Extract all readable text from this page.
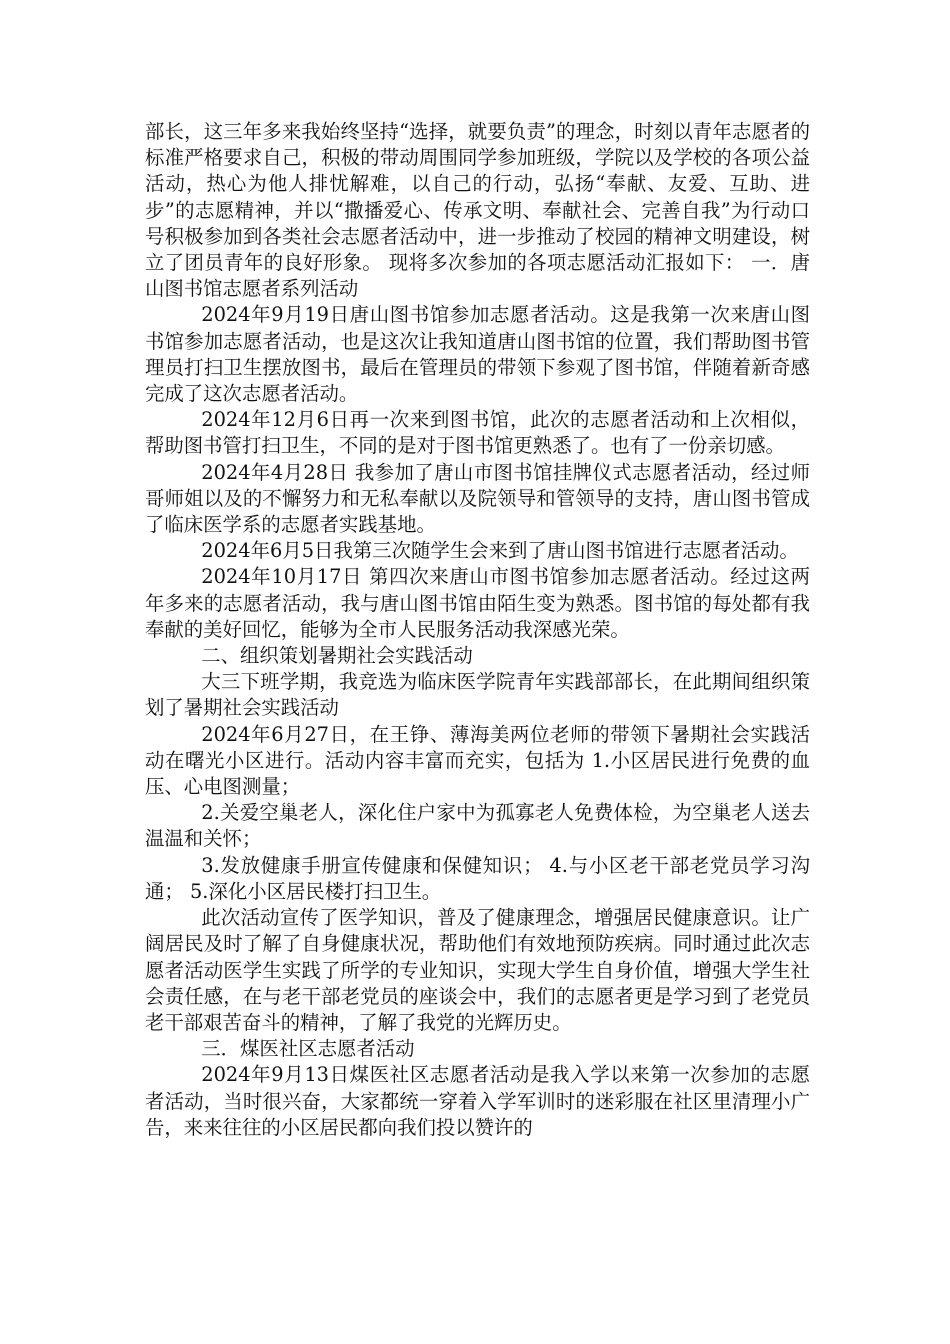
部长，这三年多来我始终坚持“选择，就要负责”的理念，时刻以青年志愿者的标准严格要求自己，积极的带动周围同学参加班级，学院以及学校的各项公益活动，热心为他人排忧解难，以自己的行动，弘扬“奉献、友爱、互助、进步”的志愿精神，并以“撒播爱心、传承文明、奉献社会、完善自我”为行动口号积极参加到各类社会志愿者活动中，进一步推动了校园的精神文明建设，树立了团员青年的良好形象。 现将多次参加的各项志愿活动汇报如下： 一．唐山图书馆志愿者系列活动

2024年9月19日唐山图书馆参加志愿者活动。这是我第一次来唐山图书馆参加志愿者活动，也是这次让我知道唐山图书馆的位置，我们帮助图书管理员打扫卫生摆放图书，最后在管理员的带领下参观了图书馆，伴随着新奇感完成了这次志愿者活动。

2024年12月6日再一次来到图书馆，此次的志愿者活动和上次相似，帮助图书管打扫卫生，不同的是对于图书馆更熟悉了。也有了一份亲切感。

2024年4月28日 我参加了唐山市图书馆挂牌仪式志愿者活动，经过师哥师姐以及的不懈努力和无私奉献以及院领导和管领导的支持，唐山图书管成了临床医学系的志愿者实践基地。

2024年6月5日我第三次随学生会来到了唐山图书馆进行志愿者活动。

2024年10月17日 第四次来唐山市图书馆参加志愿者活动。经过这两年多来的志愿者活动，我与唐山图书馆由陌生变为熟悉。图书馆的每处都有我奉献的美好回忆，能够为全市人民服务活动我深感光荣。

二、组织策划暑期社会实践活动

大三下班学期，我竞选为临床医学院青年实践部部长，在此期间组织策划了暑期社会实践活动

2024年6月27日，在王铮、薄海美两位老师的带领下暑期社会实践活动在曙光小区进行。活动内容丰富而充实，包括为 1.小区居民进行免费的血压、心电图测量；

2.关爱空巢老人，深化住户家中为孤寡老人免费体检，为空巢老人送去温温和关怀；

3.发放健康手册宣传健康和保健知识； 4.与小区老干部老党员学习沟通； 5.深化小区居民楼打扫卫生。

此次活动宣传了医学知识，普及了健康理念，增强居民健康意识。让广阔居民及时了解了自身健康状况，帮助他们有效地预防疾病。同时通过此次志愿者活动医学生实践了所学的专业知识，实现大学生自身价值，增强大学生社会责任感，在与老干部老党员的座谈会中，我们的志愿者更是学习到了老党员老干部艰苦奋斗的精神，了解了我党的光辉历史。

三．煤医社区志愿者活动

2024年9月13日煤医社区志愿者活动是我入学以来第一次参加的志愿者活动，当时很兴奋，大家都统一穿着入学军训时的迷彩服在社区里清理小广告，来来往往的小区居民都向我们投以赞许的
